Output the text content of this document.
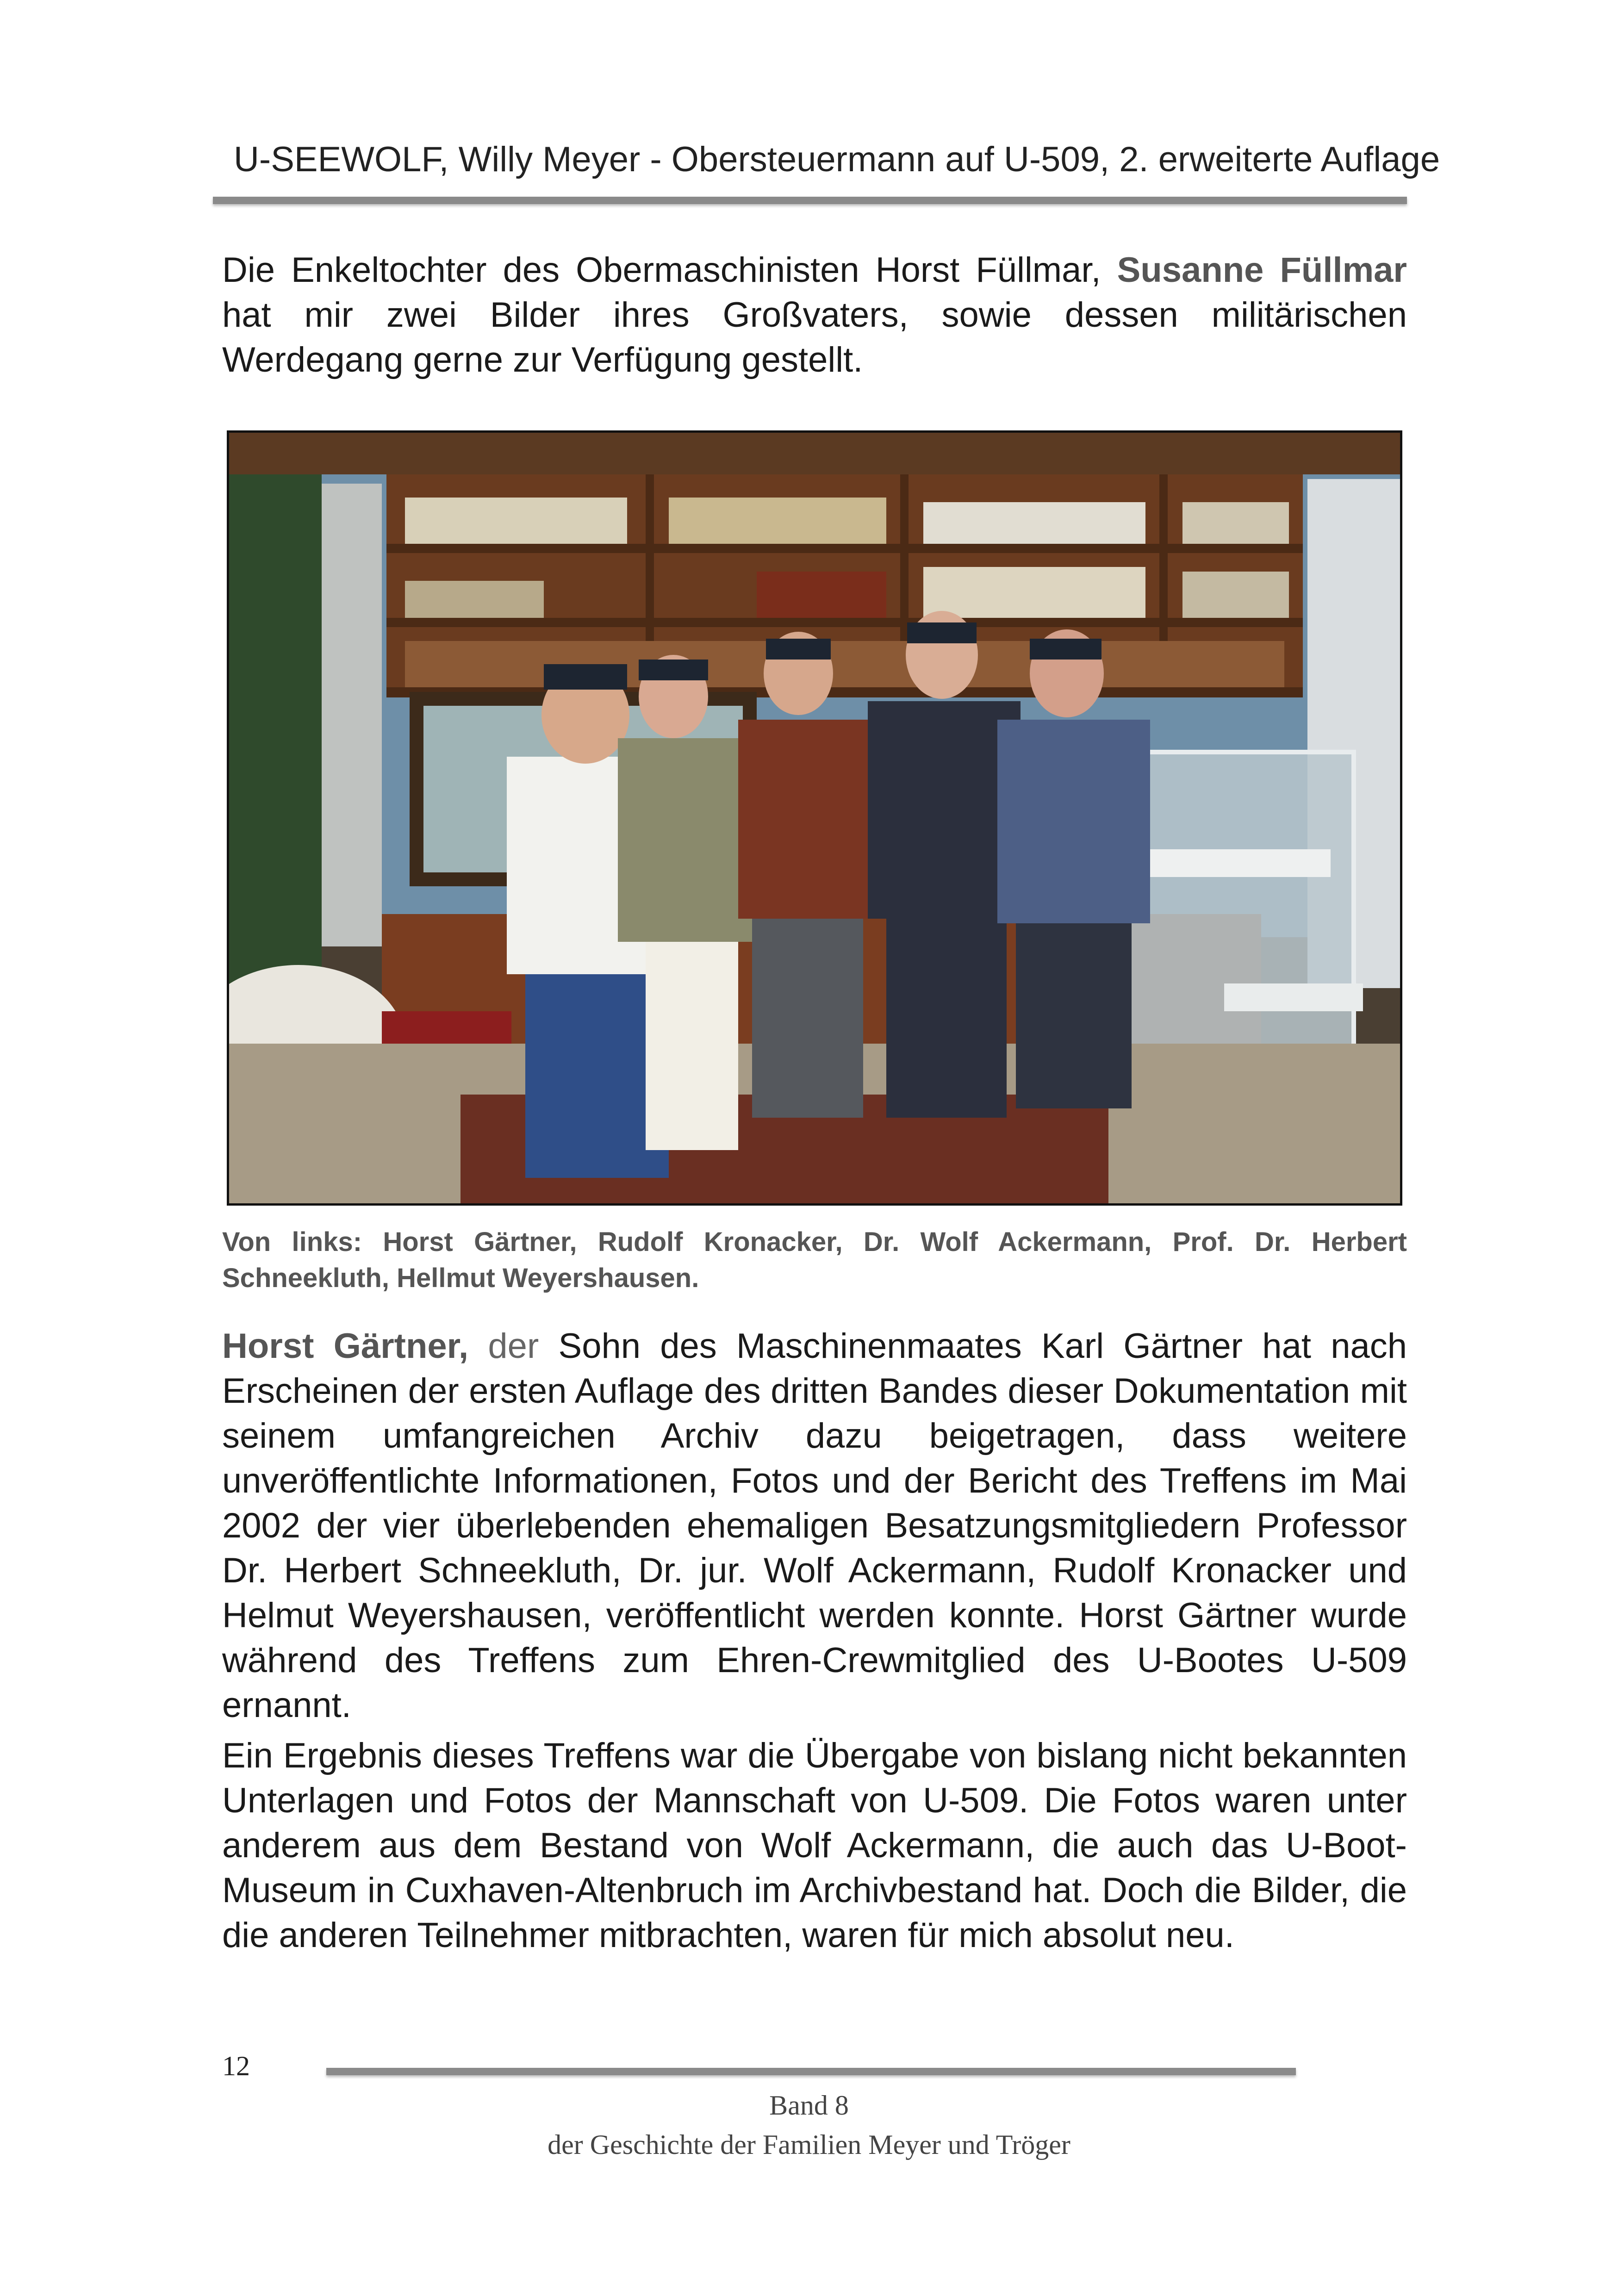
U-SEEWOLF, Willy Meyer - Obersteuermann auf U-509, 2. erweiterte Auflage

Die Enkeltochter des Obermaschinisten Horst Füllmar, Susanne Füllmar hat mir zwei Bilder ihres Großvaters, sowie dessen militärischen Werdegang gerne zur Verfügung gestellt.

Von links: Horst Gärtner, Rudolf Kronacker, Dr. Wolf Ackermann, Prof. Dr. Herbert Schneekluth, Hellmut Weyershausen.

Horst Gärtner, der Sohn des Maschinenmaates Karl Gärtner hat nach Erscheinen der ersten Auflage des dritten Bandes dieser Dokumentation mit seinem umfangreichen Archiv dazu beigetragen, dass weitere unveröffentlichte Informationen, Fotos und der Bericht des Treffens im Mai 2002 der vier überlebenden ehemaligen Besatzungsmitgliedern Professor Dr. Herbert Schneekluth, Dr. jur. Wolf Ackermann, Rudolf Kronacker und Helmut Weyershausen, veröffentlicht werden konnte. Horst Gärtner wurde während des Treffens zum Ehren-Crewmitglied des U-Bootes U-509 ernannt.

Ein Ergebnis dieses Treffens war die Übergabe von bislang nicht bekannten Unterlagen und Fotos der Mannschaft von U-509. Die Fotos waren unter anderem aus dem Bestand von Wolf Ackermann, die auch das U-Boot-Museum in Cuxhaven-Altenbruch im Archivbestand hat. Doch die Bilder, die die anderen Teilnehmer mitbrachten, waren für mich absolut neu.

12
Band 8
der Geschichte der Familien Meyer und Tröger
